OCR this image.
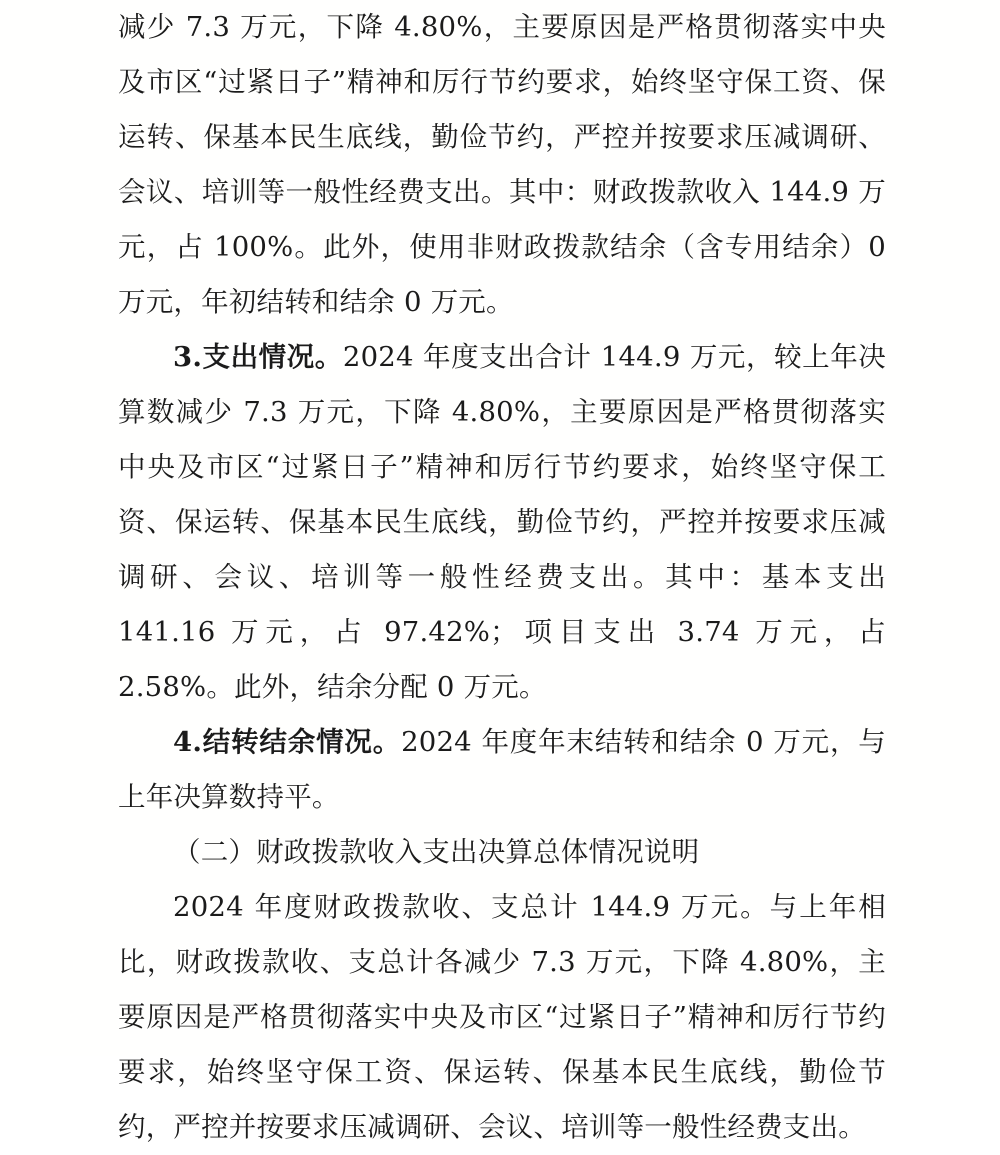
减少 7.3 万元，下降 4.80%，主要原因是严格贯彻落实中央及市区“过紧日子”精神和厉行节约要求，始终坚守保工资、保运转、保基本民生底线，勤俭节约，严控并按要求压减调研、会议、培训等一般性经费支出。其中：财政拨款收入 144.9 万元，占 100%。此外，使用非财政拨款结余（含专用结余）0 万元，年初结转和结余 0 万元。

3.支出情况。2024 年度支出合计 144.9 万元，较上年决算数减少 7.3 万元，下降 4.80%，主要原因是严格贯彻落实中央及市区“过紧日子”精神和厉行节约要求，始终坚守保工资、保运转、保基本民生底线，勤俭节约，严控并按要求压减调研、会议、培训等一般性经费支出。其中：基本支出 141.16 万元，占 97.42%；项目支出 3.74 万元，占 2.58%。此外，结余分配 0 万元。

4.结转结余情况。2024 年度年末结转和结余 0 万元，与上年决算数持平。

（二）财政拨款收入支出决算总体情况说明

2024 年度财政拨款收、支总计 144.9 万元。与上年相比，财政拨款收、支总计各减少 7.3 万元，下降 4.80%，主要原因是严格贯彻落实中央及市区“过紧日子”精神和厉行节约要求，始终坚守保工资、保运转、保基本民生底线，勤俭节约，严控并按要求压减调研、会议、培训等一般性经费支出。
